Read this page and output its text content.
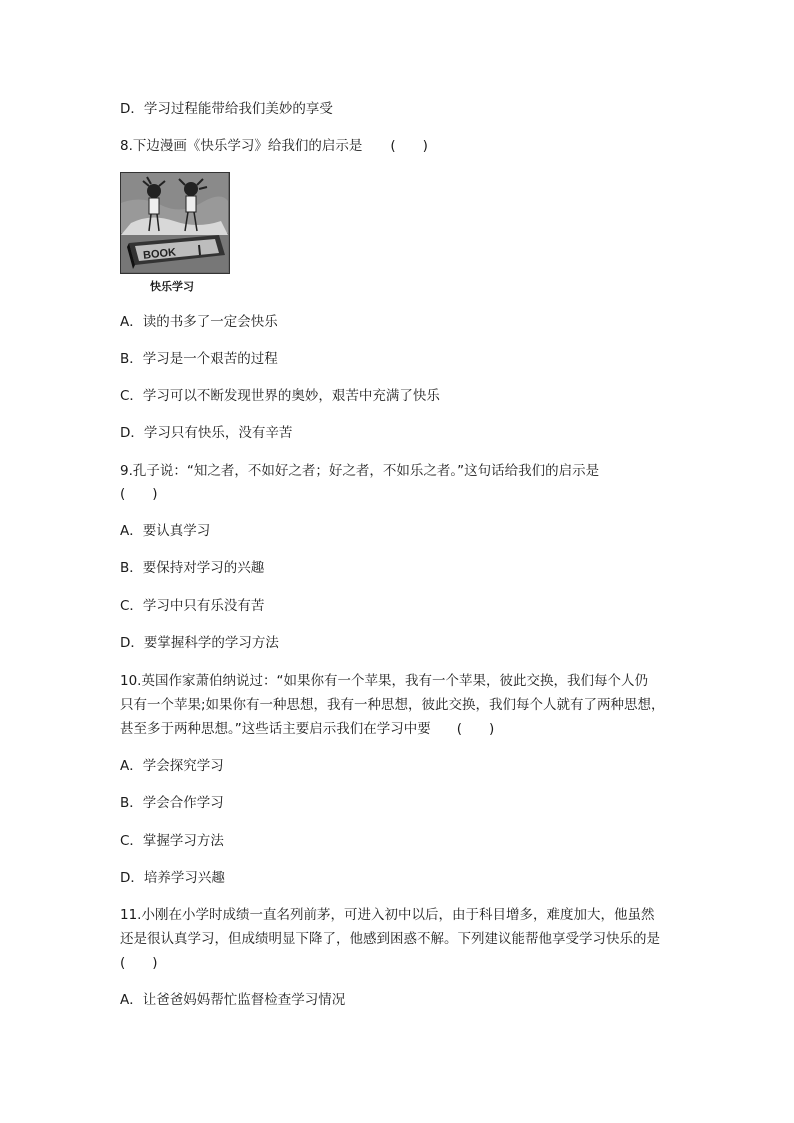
D．学习过程能带给我们美妙的享受
8.下边漫画《快乐学习》给我们的启示是 (　　)
BOOK
快乐学习
A．读的书多了一定会快乐
B．学习是一个艰苦的过程
C．学习可以不断发现世界的奥妙，艰苦中充满了快乐
D．学习只有快乐，没有辛苦
9.孔子说：“知之者，不如好之者；好之者，不如乐之者。”这句话给我们的启示是
(　　)
A．要认真学习
B．要保持对学习的兴趣
C．学习中只有乐没有苦
D．要掌握科学的学习方法
10.英国作家萧伯纳说过：“如果你有一个苹果，我有一个苹果，彼此交换，我们每个人仍
只有一个苹果;如果你有一种思想，我有一种思想，彼此交换，我们每个人就有了两种思想，
甚至多于两种思想。”这些话主要启示我们在学习中要 (　　)
A．学会探究学习
B．学会合作学习
C．掌握学习方法
D．培养学习兴趣
11.小刚在小学时成绩一直名列前茅，可进入初中以后，由于科目增多，难度加大，他虽然
还是很认真学习，但成绩明显下降了，他感到困惑不解。下列建议能帮他享受学习快乐的是
(　　)
A．让爸爸妈妈帮忙监督检查学习情况
